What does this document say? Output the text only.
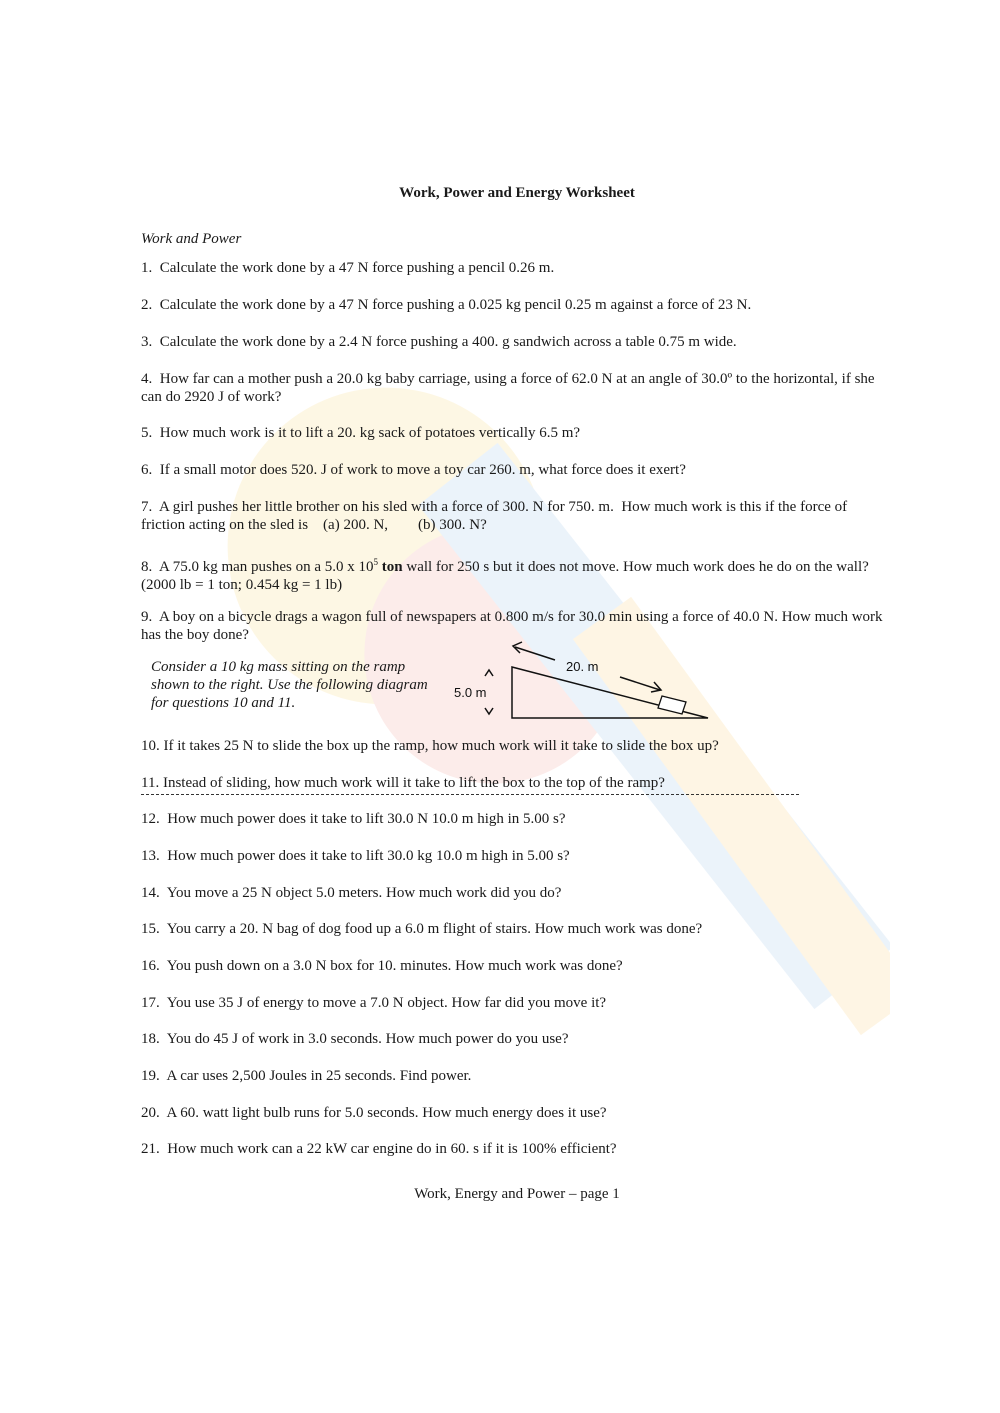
Work, Power and Energy Worksheet
Work and Power
1. Calculate the work done by a 47 N force pushing a pencil 0.26 m.
2. Calculate the work done by a 47 N force pushing a 0.025 kg pencil 0.25 m against a force of 23 N.
3. Calculate the work done by a 2.4 N force pushing a 400. g sandwich across a table 0.75 m wide.
4. How far can a mother push a 20.0 kg baby carriage, using a force of 62.0 N at an angle of 30.0º to the horizontal, if she can do 2920 J of work?
5. How much work is it to lift a 20. kg sack of potatoes vertically 6.5 m?
6. If a small motor does 520. J of work to move a toy car 260. m, what force does it exert?
7. A girl pushes her little brother on his sled with a force of 300. N for 750. m.  How much work is this if the force of friction acting on the sled is    (a) 200. N,        (b) 300. N?
8. A 75.0 kg man pushes on a 5.0 x $10^5$ ton wall for 250 s but it does not move. How much work does he do on the wall? (2000 lb = 1 ton; 0.454 kg = 1 lb)
9. A boy on a bicycle drags a wagon full of newspapers at 0.800 m/s for 30.0 min using a force of 40.0 N. How much work has the boy done?
Consider a 10 kg mass sitting on the ramp shown to the right. Use the following diagram for questions 10 and 11.
5.0 m
20. m
10. If it takes 25 N to slide the box up the ramp, how much work will it take to slide the box up?
11. Instead of sliding, how much work will it take to lift the box to the top of the ramp?
12. How much power does it take to lift 30.0 N 10.0 m high in 5.00 s?
13. How much power does it take to lift 30.0 kg 10.0 m high in 5.00 s?
14. You move a 25 N object 5.0 meters. How much work did you do?
15. You carry a 20. N bag of dog food up a 6.0 m flight of stairs. How much work was done?
16. You push down on a 3.0 N box for 10. minutes. How much work was done?
17. You use 35 J of energy to move a 7.0 N object. How far did you move it?
18. You do 45 J of work in 3.0 seconds. How much power do you use?
19. A car uses 2,500 Joules in 25 seconds. Find power.
20. A 60. watt light bulb runs for 5.0 seconds. How much energy does it use?
21. How much work can a 22 kW car engine do in 60. s if it is 100% efficient?
Work, Energy and Power – page 1
